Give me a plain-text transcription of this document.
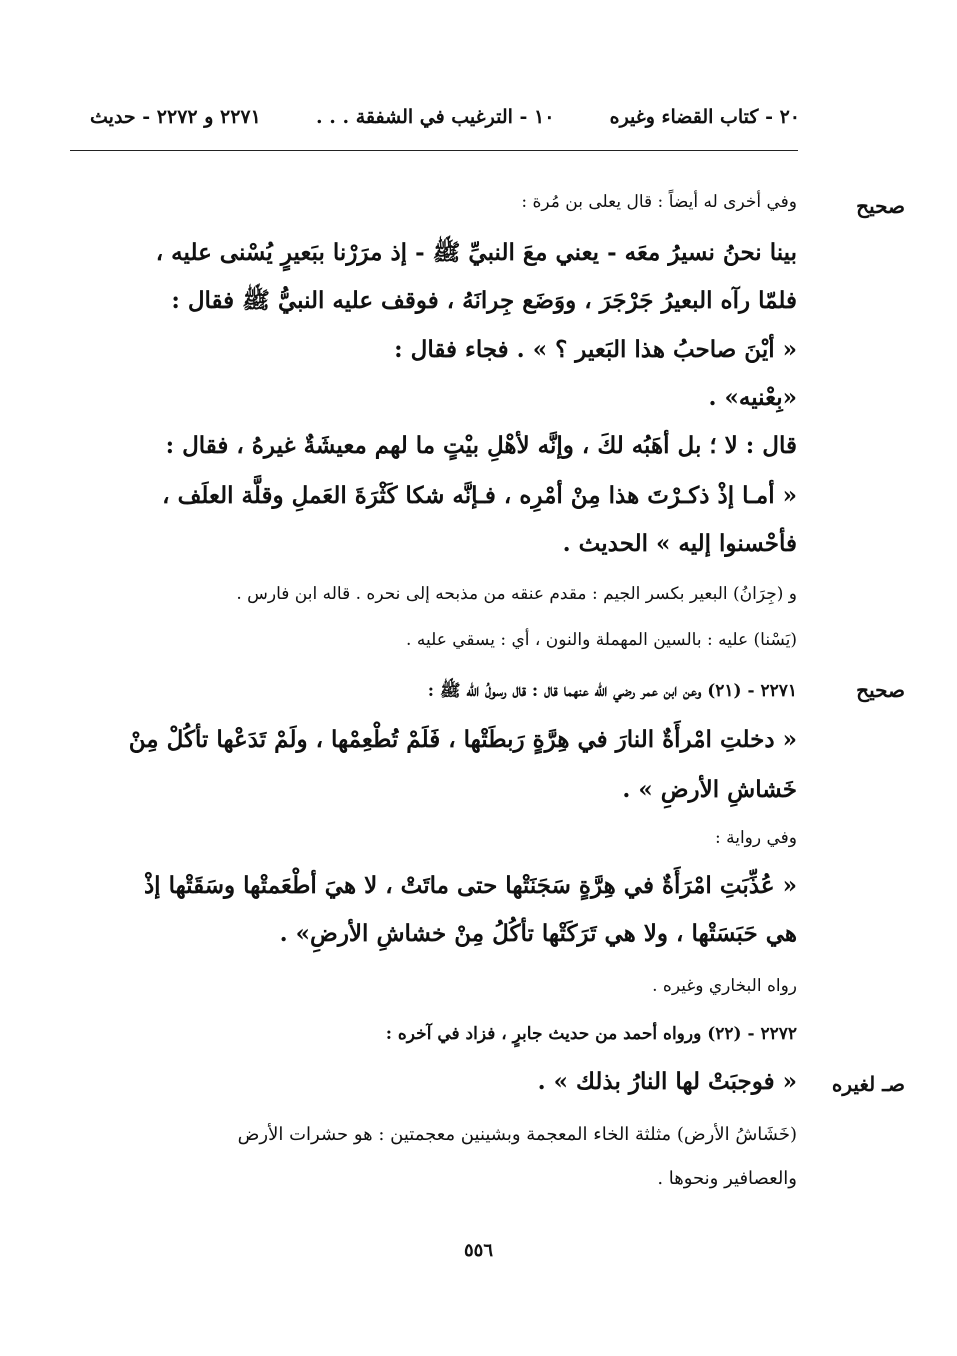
٢٠ - كتاب القضاء وغيره
١٠ - الترغيب في الشفقة . . .
٢٢٧١ و ٢٢٧٢ - حديث
صحيح
صحيح
صـ لغيره
وفي أخرى له أيضاً : قال يعلى بن مُرة :
بينا نحنُ نسيرُ معَه - يعني معَ النبيِّ ﷺ - إذ مرَرْنا ببَعيرٍ يُسْنى عليه ،
فلمّا رآه البعيرُ جَرْجَرَ ، ووَضَع جِرانَهُ ، فوقف عليه النبيُّ ﷺ فقال :
« أيْنَ صاحبُ هذا البَعير ؟ » . فجاء فقال :
«بِعْنيه» .
قال : لا ؛ بل أهَبُه لكَ ، وإنَّه لأهْلِ بيْتٍ ما لهم معيشَةٌ غيرهُ ، فقال :
« أمـا إذْ ذكـرْتَ هذا مِنْ أمْرِه ، فـإنَّه شكا كَثْرَةَ العَملِ وقلَّة العلَف ،
فأحْسنوا إليه » الحديث .
و (جِرَانُ) البعير بكسر الجيم : مقدم عنقه من مذبحه إلى نحره . قاله ابن فارس .
(يَسْنا) عليه : بالسين المهملة والنون ، أي : يسقي عليه .
٢٢٧١ - (٢١) وعن ابن عمر رضي الله عنهما قال : قال رسولُ الله ﷺ :
« دخلتِ امْرأَةٌ النارَ في هِرَّةٍ رَبطَتْها ، فَلَمْ تُطْعِمْها ، ولَمْ تَدَعْها تأكُلْ مِنْ
خَشاشِ الأرضِ » .
وفي رواية :
« عُذِّبَتِ امْرَأَةٌ في هِرَّةٍ سَجَنَتْها حتى ماتَتْ ، لا هيَ أطْعَمتْها وسَقَتْها إذْ
هي حَبَسَتْها ، ولا هي تَرَكَتْها تأكُلُ مِنْ خشاشِ الأرضِ» .
رواه البخاري وغيره .
٢٢٧٢ - (٢٢) ورواه أحمد من حديث جابرٍ ، فزاد في آخره :
« فوجبَتْ لها النارُ بذلك » .
(خَشَاشُ الأرض) مثلثة الخاء المعجمة وبشينين معجمتين : هو حشرات الأرض
والعصافير ونحوها .
٥٥٦
